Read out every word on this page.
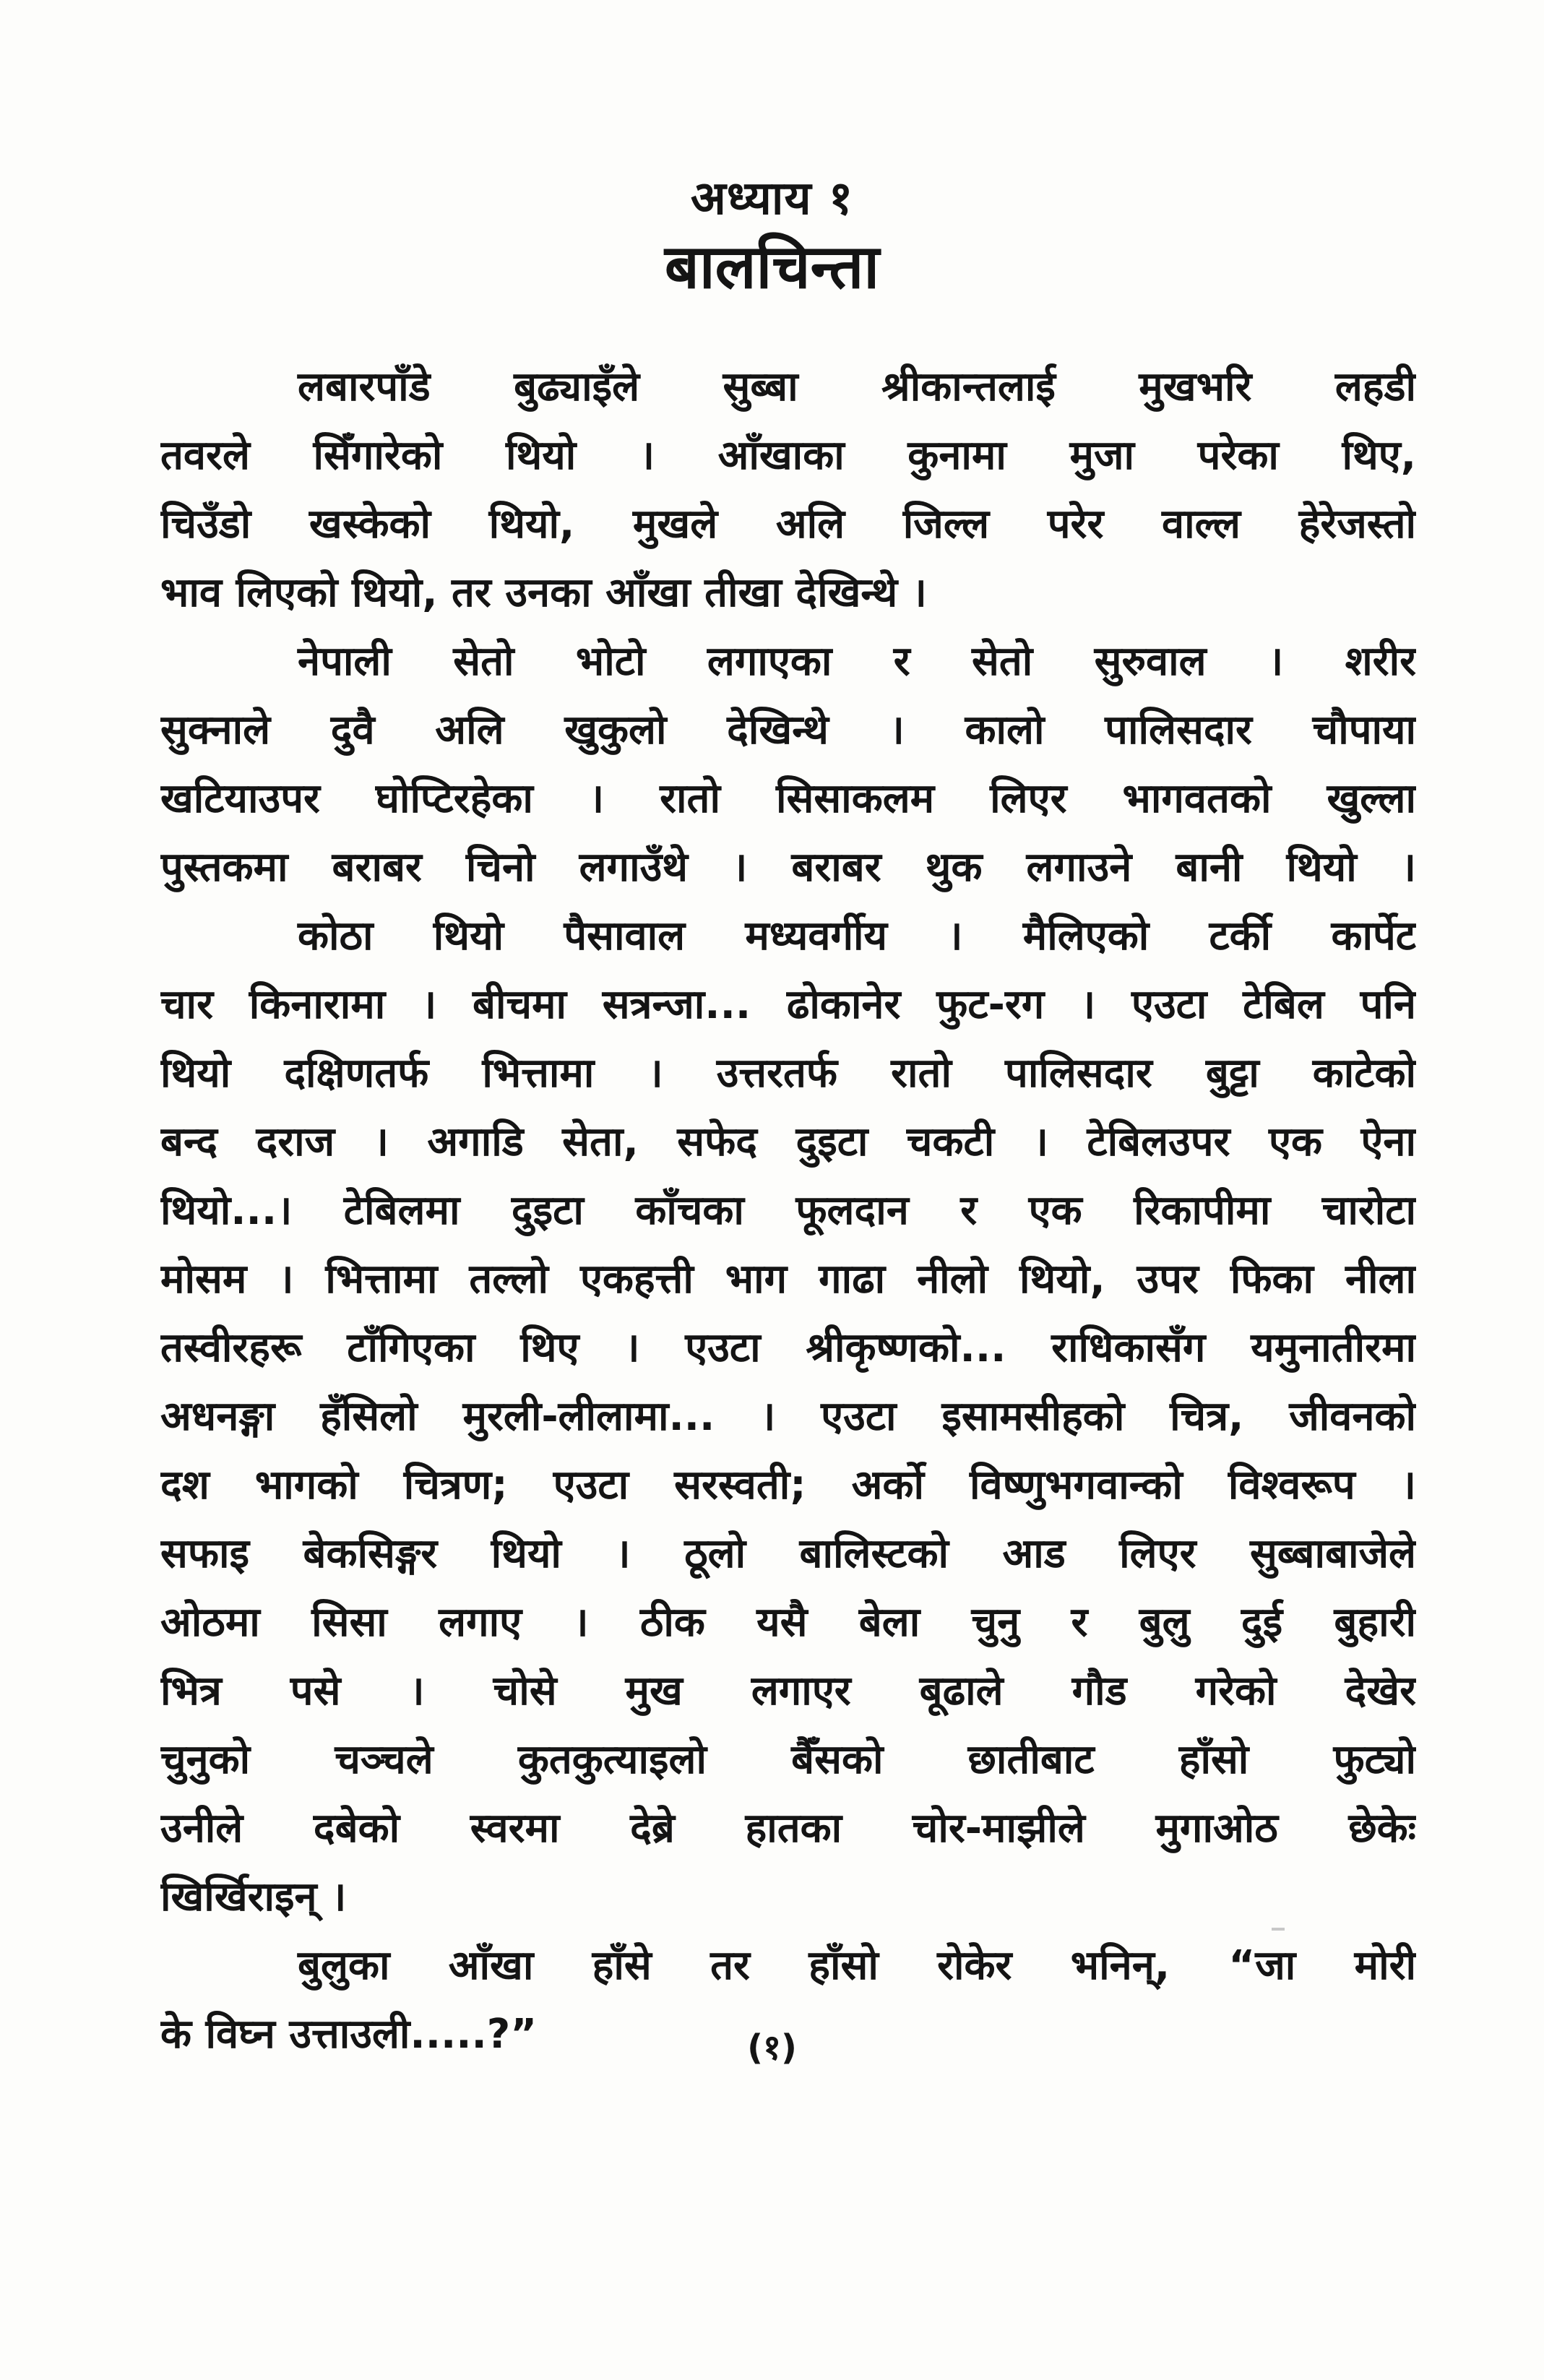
अध्याय १
बालचिन्ता
लबारपाँडे बुढ्याइँले सुब्बा श्रीकान्तलाई मुखभरि लहडी
तवरले सिँगारेको थियो । आँखाका कुनामा मुजा परेका थिए,
चिउँडो खस्केको थियो, मुखले अलि जिल्ल परेर वाल्ल हेरेजस्तो
भाव लिएको थियो, तर उनका आँखा तीखा देखिन्थे ।
नेपाली सेतो भोटो लगाएका र सेतो सुरुवाल । शरीर
सुक्नाले दुवै अलि खुकुलो देखिन्थे । कालो पालिसदार चौपाया
खटियाउपर घोप्टिरहेका । रातो सिसाकलम लिएर भागवतको खुल्ला
पुस्तकमा बराबर चिनो लगाउँथे । बराबर थुक लगाउने बानी थियो ।
कोठा थियो पैसावाल मध्यवर्गीय । मैलिएको टर्की कार्पेट
चार किनारामा । बीचमा सत्रन्जा... ढोकानेर फुट-रग । एउटा टेबिल पनि
थियो दक्षिणतर्फ भित्तामा । उत्तरतर्फ रातो पालिसदार बुट्टा काटेको
बन्द दराज । अगाडि सेता, सफेद दुइटा चकटी । टेबिलउपर एक ऐना
थियो...। टेबिलमा दुइटा काँचका फूलदान र एक रिकापीमा चारोटा
मोसम । भित्तामा तल्लो एकहत्ती भाग गाढा नीलो थियो, उपर फिका नीला
तस्वीरहरू टाँगिएका थिए । एउटा श्रीकृष्णको... राधिकासँग यमुनातीरमा
अधनङ्गा हँसिलो मुरली-लीलामा... । एउटा इसामसीहको चित्र, जीवनको
दश भागको चित्रण; एउटा सरस्वती; अर्को विष्णुभगवान्को विश्वरूप ।
सफाइ बेकसिङ्गर थियो । ठूलो बालिस्टको आड लिएर सुब्बाबाजेले
ओठमा सिसा लगाए । ठीक यसै बेला चुनु र बुलु दुई बुहारी
भित्र पसे । चोसे मुख लगाएर बूढाले गौड गरेको देखेर
चुनुको चञ्चले कुतकुत्याइलो बैँसको छातीबाट हाँसो फुट्यो
उनीले दबेको स्वरमा देब्रे हातका चोर-माझीले मुगाओठ छेकेः
खिर्खिराइन् ।
बुलुका आँखा हाँसे तर हाँसो रोकेर भनिन्, “जा मोरी
के विघ्न उत्ताउली.....?”	(१)
